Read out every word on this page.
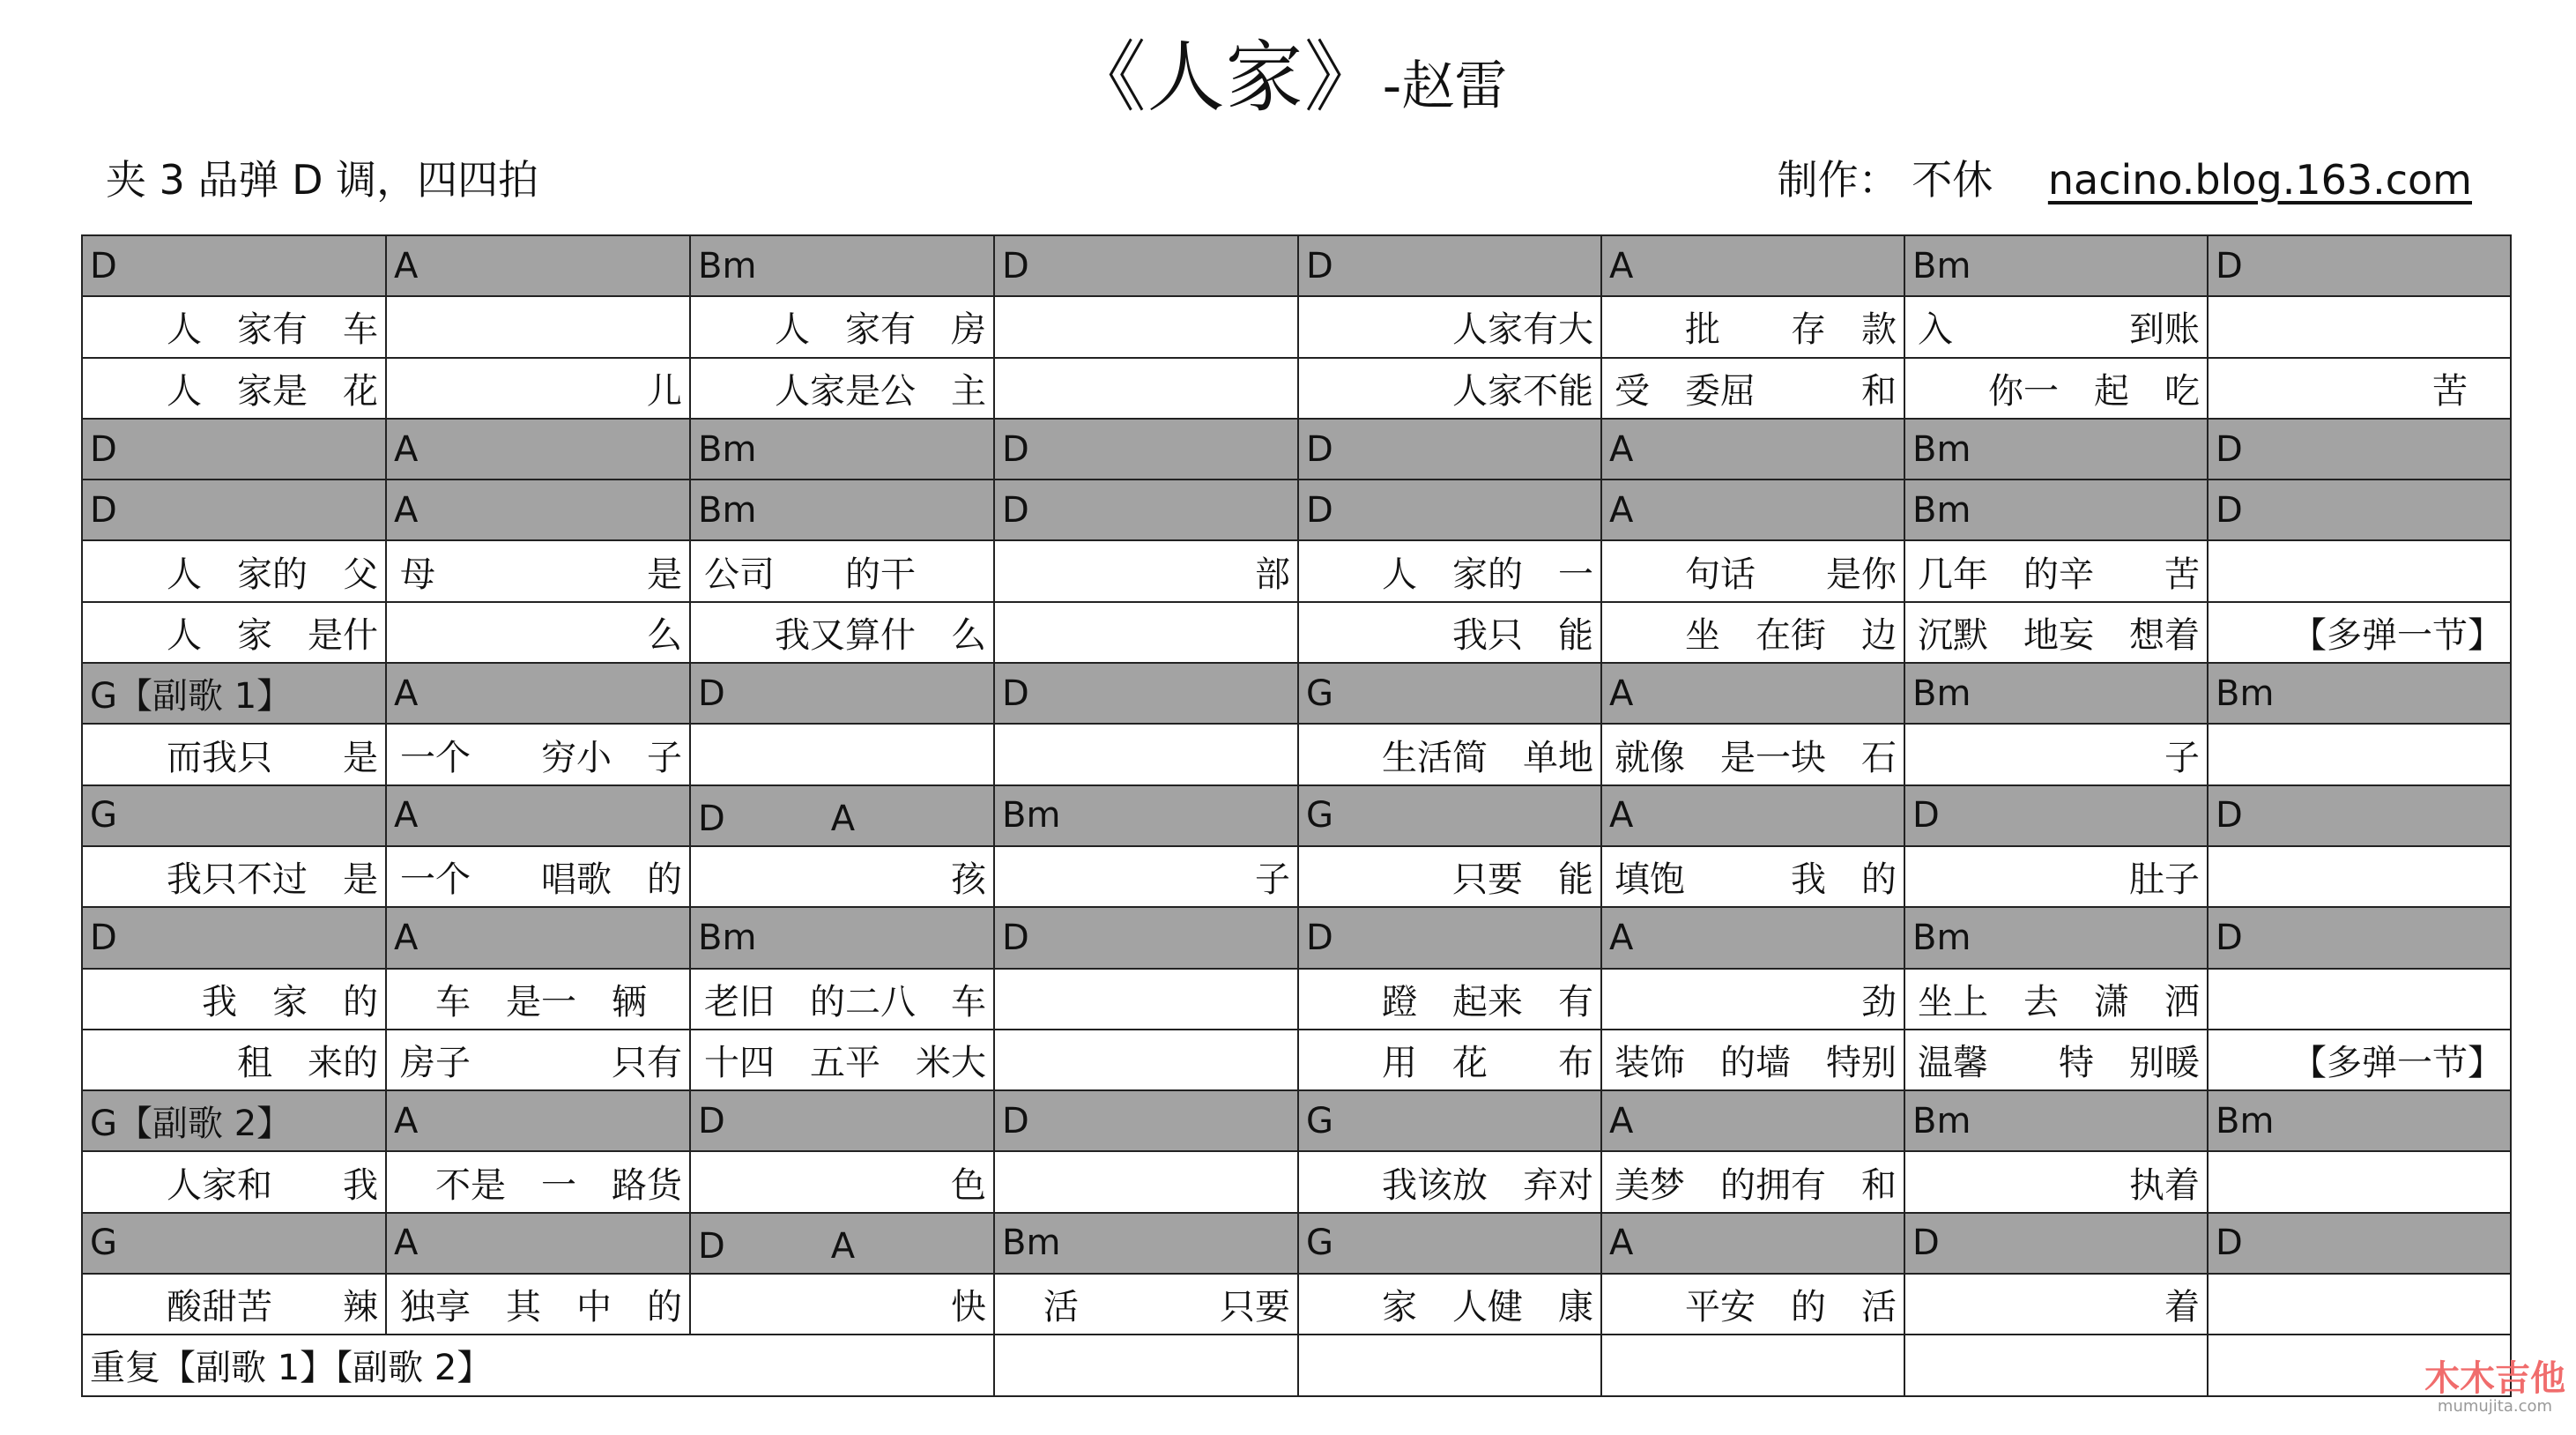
《人家》-赵雷
夹 3 品弹 D 调，四四拍	制作： 不休 nacino.blog.163.com
D	A	Bm	D	D	A	Bm	D
人　家有　车		人　家有　房		人家有大	批　　存　款	入　　　　　到账	
人　家是　花	儿	人家是公　主		人家不能	受　委屈　　　和	你一　起　吃	苦　
D	A	Bm	D	D	A	Bm	D
D	A	Bm	D	D	A	Bm	D
人　家的　父	母　　　　　　是	公司　　的干　　	部	人　家的　一	句话　　是你	几年　的辛　　苦	
人　家　是什	么	我又算什　么		我只　能	坐　在街　边	沉默　地妄　想着	【多弹一节】
G【副歌 1】	A	D	D	G	A	Bm	Bm
而我只　　是	一个　　穷小　子			生活简　单地	就像　是一块　石	子	
G	A	D　　　A	Bm	G	A	D	D
我只不过　是	一个　　唱歌　的	孩	子	只要　能	填饱　　　我　的	肚子	
D	A	Bm	D	D	A	Bm	D
我　家　的	车　是一　辆　	老旧　的二八　车		蹬　起来　有	劲	坐上　去　潇　洒	
租　来的	房子　　　　只有	十四　五平　米大		用　花　　布	装饰　的墙　特别	温馨　　特　别暖	【多弹一节】
G【副歌 2】	A	D	D	G	A	Bm	Bm
人家和　　我	不是　一　路货	色		我该放　弃对	美梦　的拥有　和	执着	
G	A	D　　　A	Bm	G	A	D	D
酸甜苦　　辣	独享　其　中　的	快	活　　　　只要	家　人健　康	平安　的　活	着	
重复【副歌 1】【副歌 2】								木木吉他
mumujita.com
